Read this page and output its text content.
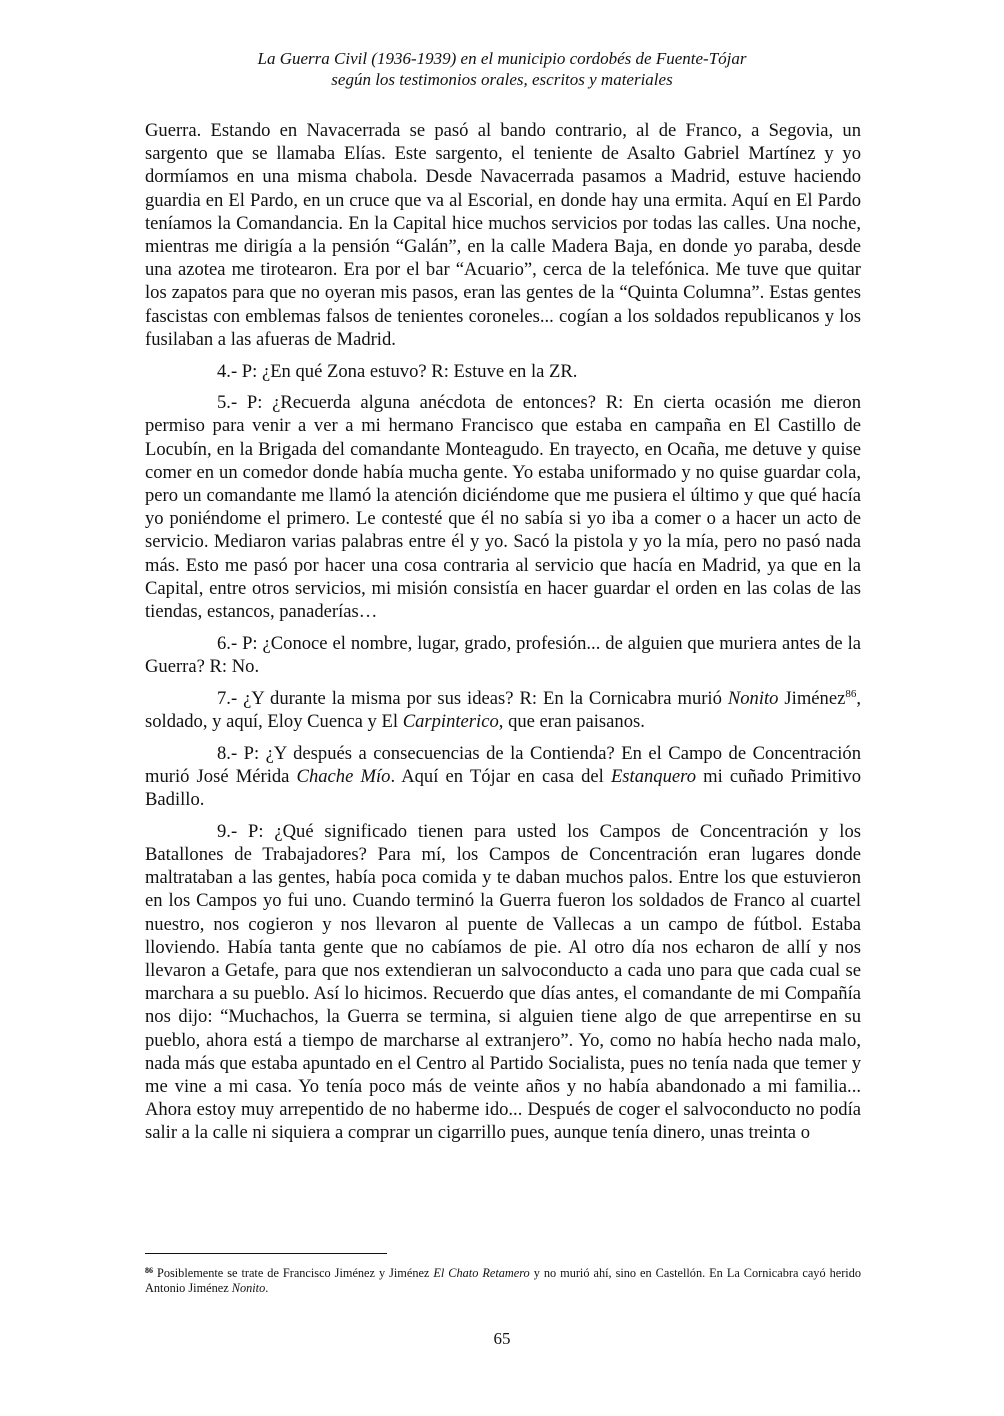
La Guerra Civil (1936-1939) en el municipio cordobés de Fuente-Tójar
según los testimonios orales, escritos y materiales

Guerra. Estando en Navacerrada se pasó al bando contrario, al de Franco, a Segovia, un sargento que se llamaba Elías. Este sargento, el teniente de Asalto Gabriel Martínez y yo dormíamos en una misma chabola. Desde Navacerrada pasamos a Madrid, estuve haciendo guardia en El Pardo, en un cruce que va al Escorial, en donde hay una ermita. Aquí en El Pardo teníamos la Comandancia. En la Capital hice muchos servicios por todas las calles. Una noche, mientras me dirigía a la pensión “Galán”, en la calle Madera Baja, en donde yo paraba, desde una azotea me tirotearon. Era por el bar “Acuario”, cerca de la telefónica. Me tuve que quitar los zapatos para que no oyeran mis pasos, eran las gentes de la “Quinta Columna”. Estas gentes fascistas con emblemas falsos de tenientes coroneles... cogían a los soldados republicanos y los fusilaban a las afueras de Madrid.

4.- P: ¿En qué Zona estuvo? R: Estuve en la ZR.

5.- P: ¿Recuerda alguna anécdota de entonces? R: En cierta ocasión me dieron permiso para venir a ver a mi hermano Francisco que estaba en campaña en El Castillo de Locubín, en la Brigada del comandante Monteagudo. En trayecto, en Ocaña, me detuve y quise comer en un comedor donde había mucha gente. Yo estaba uniformado y no quise guardar cola, pero un comandante me llamó la atención diciéndome que me pusiera el último y que qué hacía yo poniéndome el primero. Le contesté que él no sabía si yo iba a comer o a hacer un acto de servicio. Mediaron varias palabras entre él y yo. Sacó la pistola y yo la mía, pero no pasó nada más. Esto me pasó por hacer una cosa contraria al servicio que hacía en Madrid, ya que en la Capital, entre otros servicios, mi misión consistía en hacer guardar el orden en las colas de las tiendas, estancos, panaderías…

6.- P: ¿Conoce el nombre, lugar, grado, profesión... de alguien que muriera antes de la Guerra? R: No.

7.- ¿Y durante la misma por sus ideas? R: En la Cornicabra murió Nonito Jiménez$^{86}$, soldado, y aquí, Eloy Cuenca y El Carpinterico, que eran paisanos.

8.- P: ¿Y después a consecuencias de la Contienda? En el Campo de Concentración murió José Mérida Chache Mío. Aquí en Tójar en casa del Estanquero mi cuñado Primitivo Badillo.

9.- P: ¿Qué significado tienen para usted los Campos de Concentración y los Batallones de Trabajadores? Para mí, los Campos de Concentración eran lugares donde maltrataban a las gentes, había poca comida y te daban muchos palos. Entre los que estuvieron en los Campos yo fui uno. Cuando terminó la Guerra fueron los soldados de Franco al cuartel nuestro, nos cogieron y nos llevaron al puente de Vallecas a un campo de fútbol. Estaba lloviendo. Había tanta gente que no cabíamos de pie. Al otro día nos echaron de allí y nos llevaron a Getafe, para que nos extendieran un salvoconducto a cada uno para que cada cual se marchara a su pueblo. Así lo hicimos. Recuerdo que días antes, el comandante de mi Compañía nos dijo: “Muchachos, la Guerra se termina, si alguien tiene algo de que arrepentirse en su pueblo, ahora está a tiempo de marcharse al extranjero”. Yo, como no había hecho nada malo, nada más que estaba apuntado en el Centro al Partido Socialista, pues no tenía nada que temer y me vine a mi casa. Yo tenía poco más de veinte años y no había abandonado a mi familia... Ahora estoy muy arrepentido de no haberme ido... Después de coger el salvoconducto no podía salir a la calle ni siquiera a comprar un cigarrillo pues, aunque tenía dinero, unas treinta o

$^{86}$ Posiblemente se trate de Francisco Jiménez y Jiménez El Chato Retamero y no murió ahí, sino en Castellón. En La Cornicabra cayó herido Antonio Jiménez Nonito.
65
